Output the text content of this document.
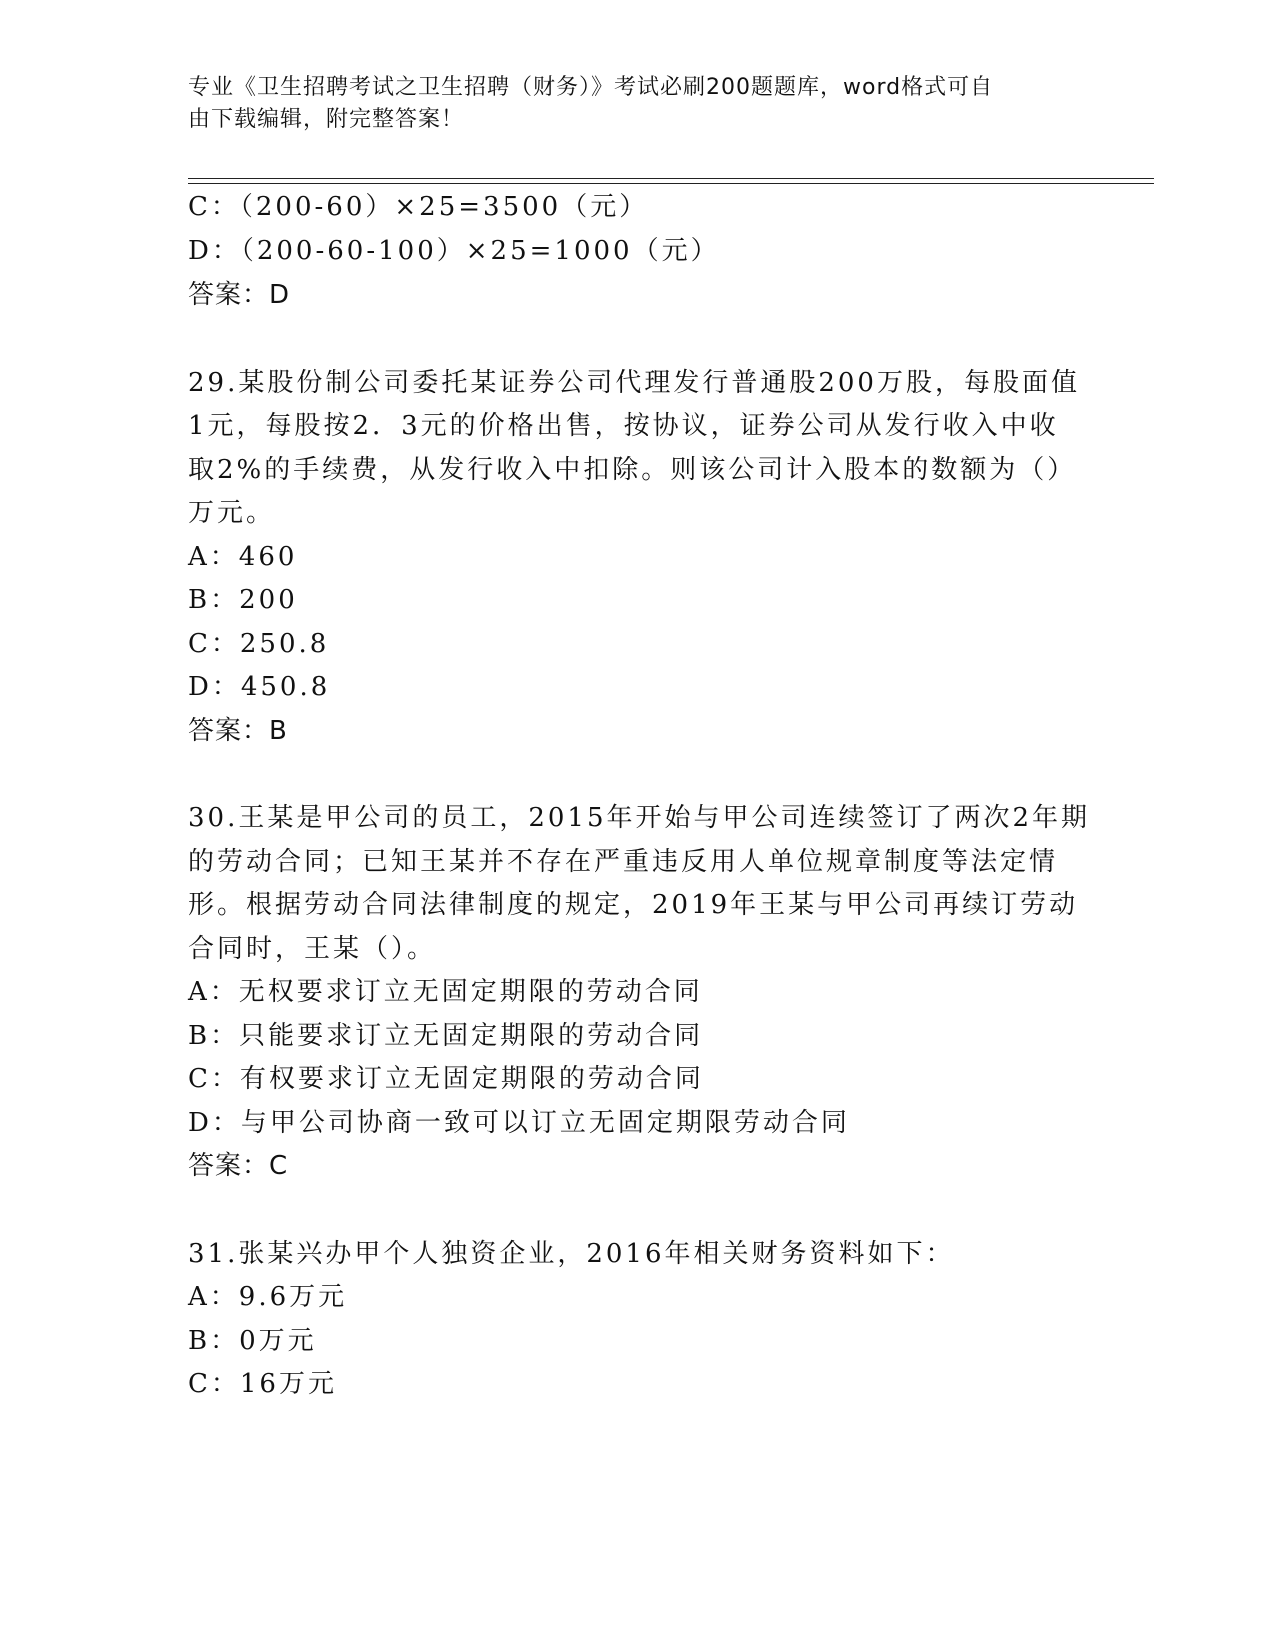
专业《卫生招聘考试之卫生招聘（财务）》考试必刷200题题库，word格式可自
由下载编辑，附完整答案！
C：（200-60）×25=3500（元）
D：（200-60-100）×25=1000（元）
答案：D
29.某股份制公司委托某证券公司代理发行普通股200万股，每股面值
1元，每股按2．3元的价格出售，按协议，证券公司从发行收入中收
取2%的手续费，从发行收入中扣除。则该公司计入股本的数额为（）
万元。
A：460
B：200
C：250.8
D：450.8
答案：B
30.王某是甲公司的员工，2015年开始与甲公司连续签订了两次2年期
的劳动合同；已知王某并不存在严重违反用人单位规章制度等法定情
形。根据劳动合同法律制度的规定，2019年王某与甲公司再续订劳动
合同时，王某（）。
A：无权要求订立无固定期限的劳动合同
B：只能要求订立无固定期限的劳动合同
C：有权要求订立无固定期限的劳动合同
D：与甲公司协商一致可以订立无固定期限劳动合同
答案：C
31.张某兴办甲个人独资企业，2016年相关财务资料如下：
A：9.6万元
B：0万元
C：16万元
